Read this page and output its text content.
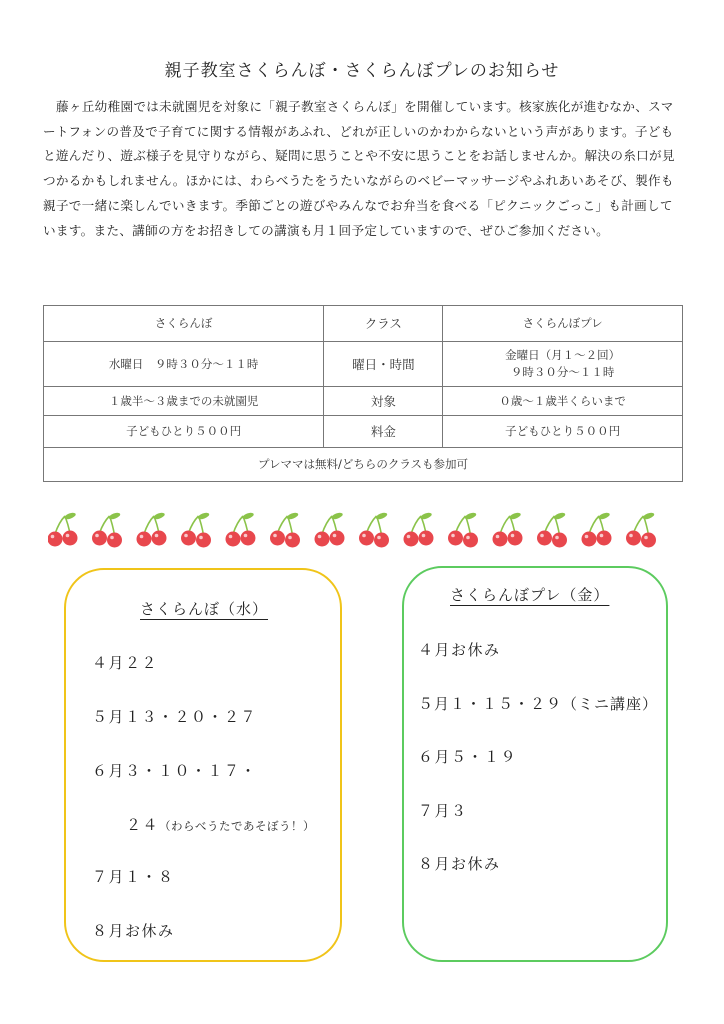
親子教室さくらんぼ・さくらんぼプレのお知らせ

藤ヶ丘幼稚園では未就園児を対象に「親子教室さくらんぼ」を開催しています。核家族化が進むなか、スマートフォンの普及で子育てに関する情報があふれ、どれが正しいのかわからないという声があります。子どもと遊んだり、遊ぶ様子を見守りながら、疑問に思うことや不安に思うことをお話しませんか。解決の糸口が見つかるかもしれません。ほかには、わらべうたをうたいながらのベビーマッサージやふれあいあそび、製作も親子で一緒に楽しんでいきます。季節ごとの遊びやみんなでお弁当を食べる「ピクニックごっこ」も計画しています。また、講師の方をお招きしての講演も月１回予定していますので、ぜひご参加ください。

さくらんぼ	クラス	さくらんぼプレ
水曜日　９時３０分～１１時	曜日・時間	金曜日（月１～２回）
９時３０分～１１時

１歳半～３歳までの未就園児	対象	０歳～１歳半くらいまで
子どもひとり５００円	料金	子どもひとり５００円
プレママは無料/どちらのクラスも参加可		
さくらんぼ（水）
４月２２
５月１３・２０・２７
６月３・１０・１７・
２４（わらべうたであそぼう！）
７月１・８
８月お休み
さくらんぼプレ（金）
４月お休み
５月１・１５・２９（ミニ講座）
６月５・１９
７月３
８月お休み
